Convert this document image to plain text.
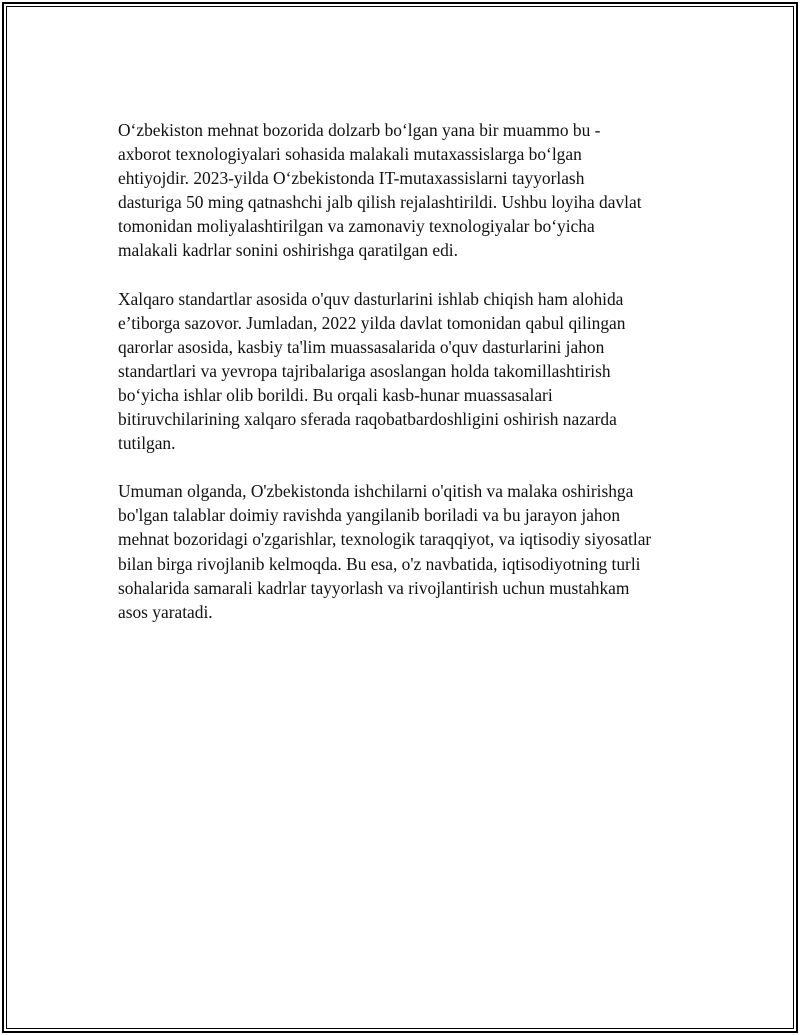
O‘zbekiston mehnat bozorida dolzarb bo‘lgan yana bir muammo bu -
axborot texnologiyalari sohasida malakali mutaxassislarga bo‘lgan
ehtiyojdir. 2023-yilda O‘zbekistonda IT-mutaxassislarni tayyorlash
dasturiga 50 ming qatnashchi jalb qilish rejalashtirildi. Ushbu loyiha davlat
tomonidan moliyalashtirilgan va zamonaviy texnologiyalar bo‘yicha
malakali kadrlar sonini oshirishga qaratilgan edi.
Xalqaro standartlar asosida o'quv dasturlarini ishlab chiqish ham alohida
e’tiborga sazovor. Jumladan, 2022 yilda davlat tomonidan qabul qilingan
qarorlar asosida, kasbiy ta'lim muassasalarida o'quv dasturlarini jahon
standartlari va yevropa tajribalariga asoslangan holda takomillashtirish
bo‘yicha ishlar olib borildi. Bu orqali kasb-hunar muassasalari
bitiruvchilarining xalqaro sferada raqobatbardoshligini oshirish nazarda
tutilgan.
Umuman olganda, O'zbekistonda ishchilarni o'qitish va malaka oshirishga
bo'lgan talablar doimiy ravishda yangilanib boriladi va bu jarayon jahon
mehnat bozoridagi o'zgarishlar, texnologik taraqqiyot, va iqtisodiy siyosatlar
bilan birga rivojlanib kelmoqda. Bu esa, o'z navbatida, iqtisodiyotning turli
sohalarida samarali kadrlar tayyorlash va rivojlantirish uchun mustahkam
asos yaratadi.
